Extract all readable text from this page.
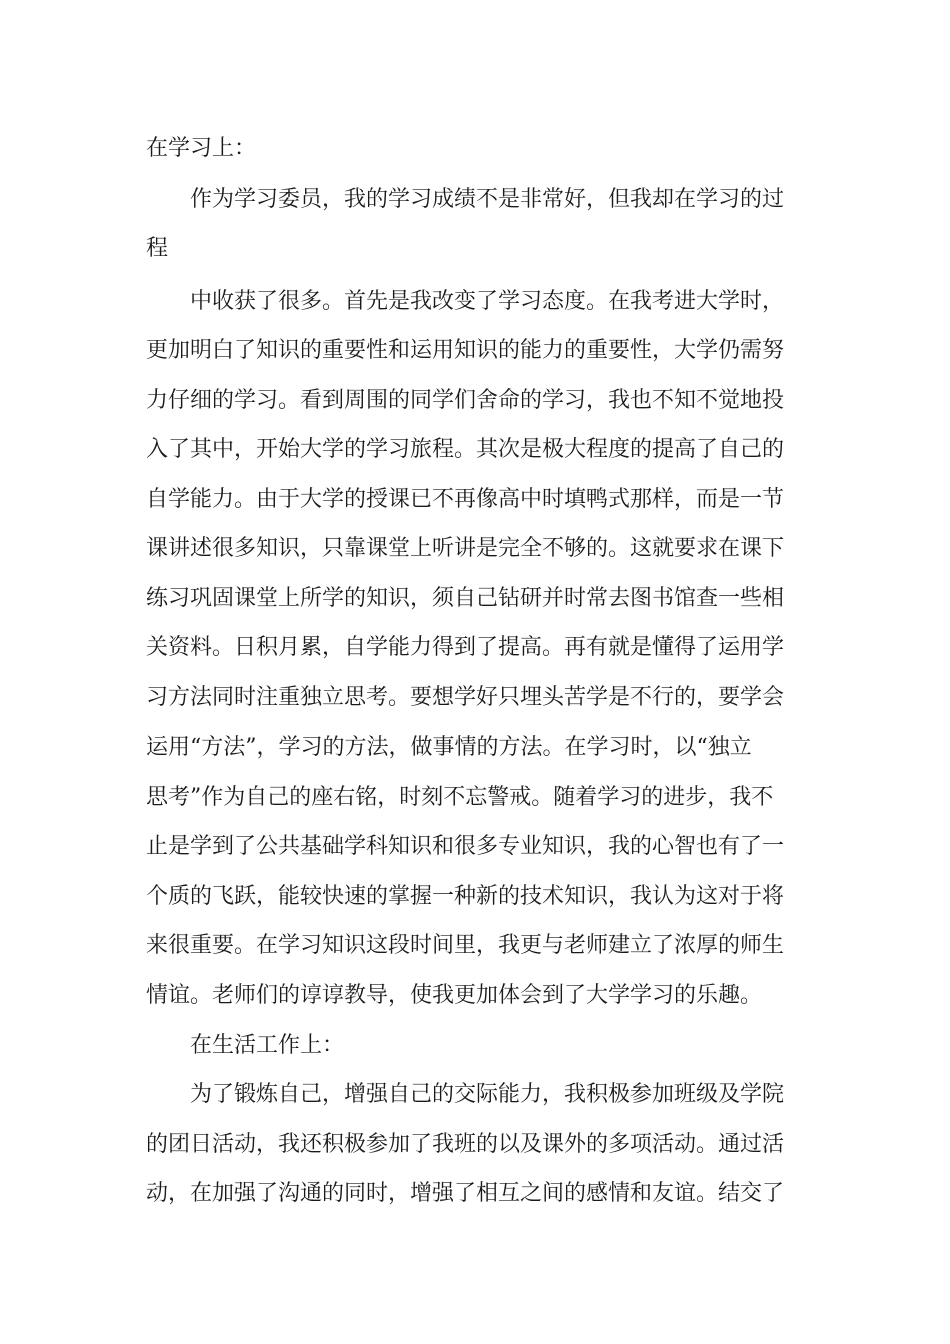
在学习上：
作为学习委员，我的学习成绩不是非常好，但我却在学习的过
程
中收获了很多。首先是我改变了学习态度。在我考进大学时，
更加明白了知识的重要性和运用知识的能力的重要性，大学仍需努
力仔细的学习。看到周围的同学们舍命的学习，我也不知不觉地投
入了其中，开始大学的学习旅程。其次是极大程度的提高了自己的
自学能力。由于大学的授课已不再像高中时填鸭式那样，而是一节
课讲述很多知识，只靠课堂上听讲是完全不够的。这就要求在课下
练习巩固课堂上所学的知识，须自己钻研并时常去图书馆查一些相
关资料。日积月累，自学能力得到了提高。再有就是懂得了运用学
习方法同时注重独立思考。要想学好只埋头苦学是不行的，要学会
运用“方法”，学习的方法，做事情的方法。在学习时，以“独立
思考”作为自己的座右铭，时刻不忘警戒。随着学习的进步，我不
止是学到了公共基础学科知识和很多专业知识，我的心智也有了一
个质的飞跃，能较快速的掌握一种新的技术知识，我认为这对于将
来很重要。在学习知识这段时间里，我更与老师建立了浓厚的师生
情谊。老师们的谆谆教导，使我更加体会到了大学学习的乐趣。
在生活工作上：
为了锻炼自己，增强自己的交际能力，我积极参加班级及学院
的团日活动，我还积极参加了我班的以及课外的多项活动。通过活
动，在加强了沟通的同时，增强了相互之间的感情和友谊。结交了
